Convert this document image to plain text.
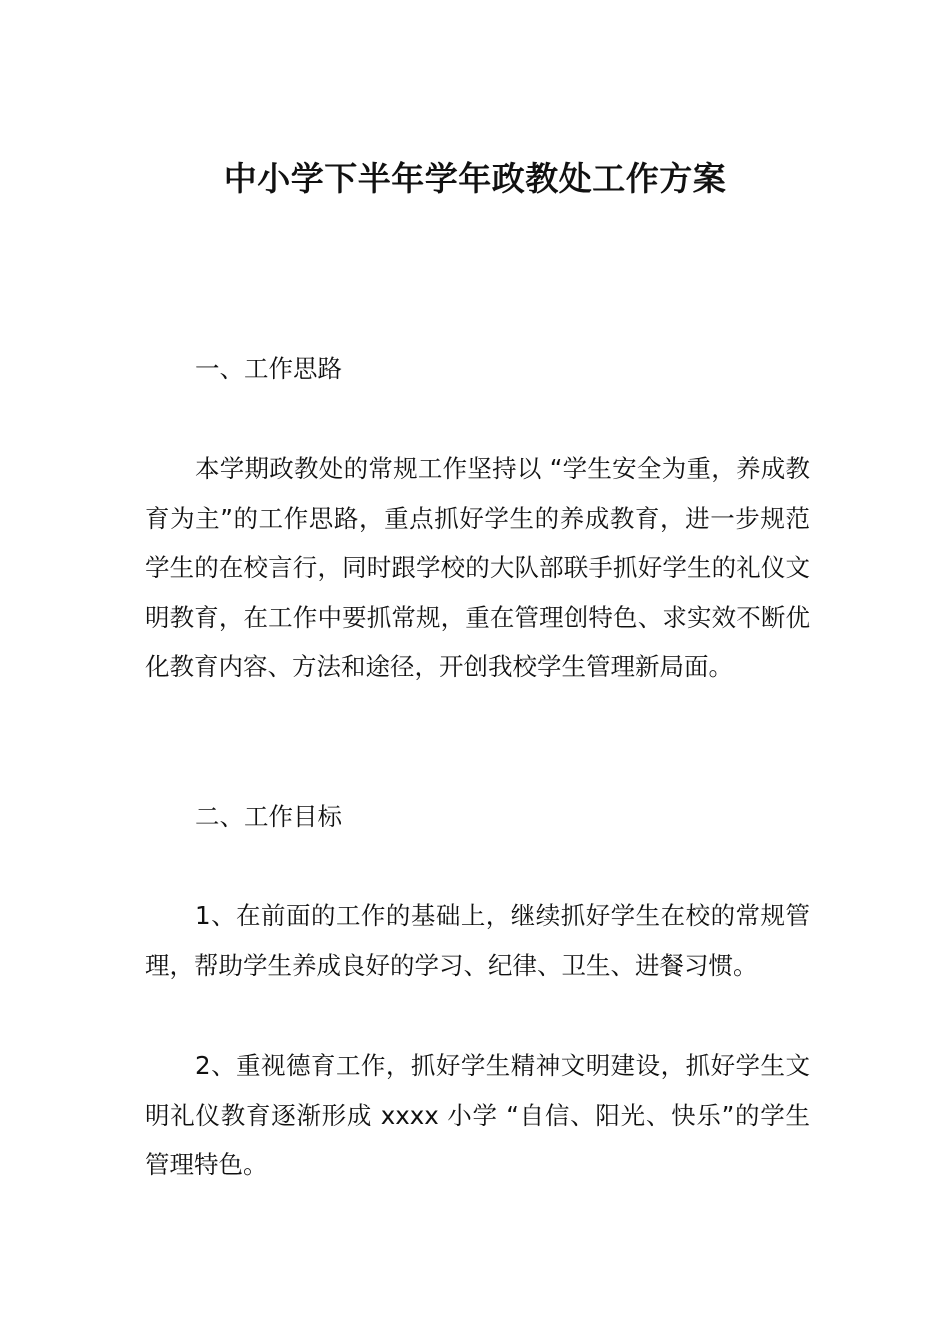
中小学下半年学年政教处工作方案
一、工作思路

本学期政教处的常规工作坚持以 “学生安全为重，养成教育为主”的工作思路，重点抓好学生的养成教育，进一步规范学生的在校言行，同时跟学校的大队部联手抓好学生的礼仪文明教育，在工作中要抓常规，重在管理创特色、求实效不断优化教育内容、方法和途径，开创我校学生管理新局面。

二、工作目标

1、在前面的工作的基础上，继续抓好学生在校的常规管理，帮助学生养成良好的学习、纪律、卫生、进餐习惯。

2、重视德育工作，抓好学生精神文明建设，抓好学生文明礼仪教育逐渐形成 xxxx 小学 “自信、阳光、快乐”的学生管理特色。
